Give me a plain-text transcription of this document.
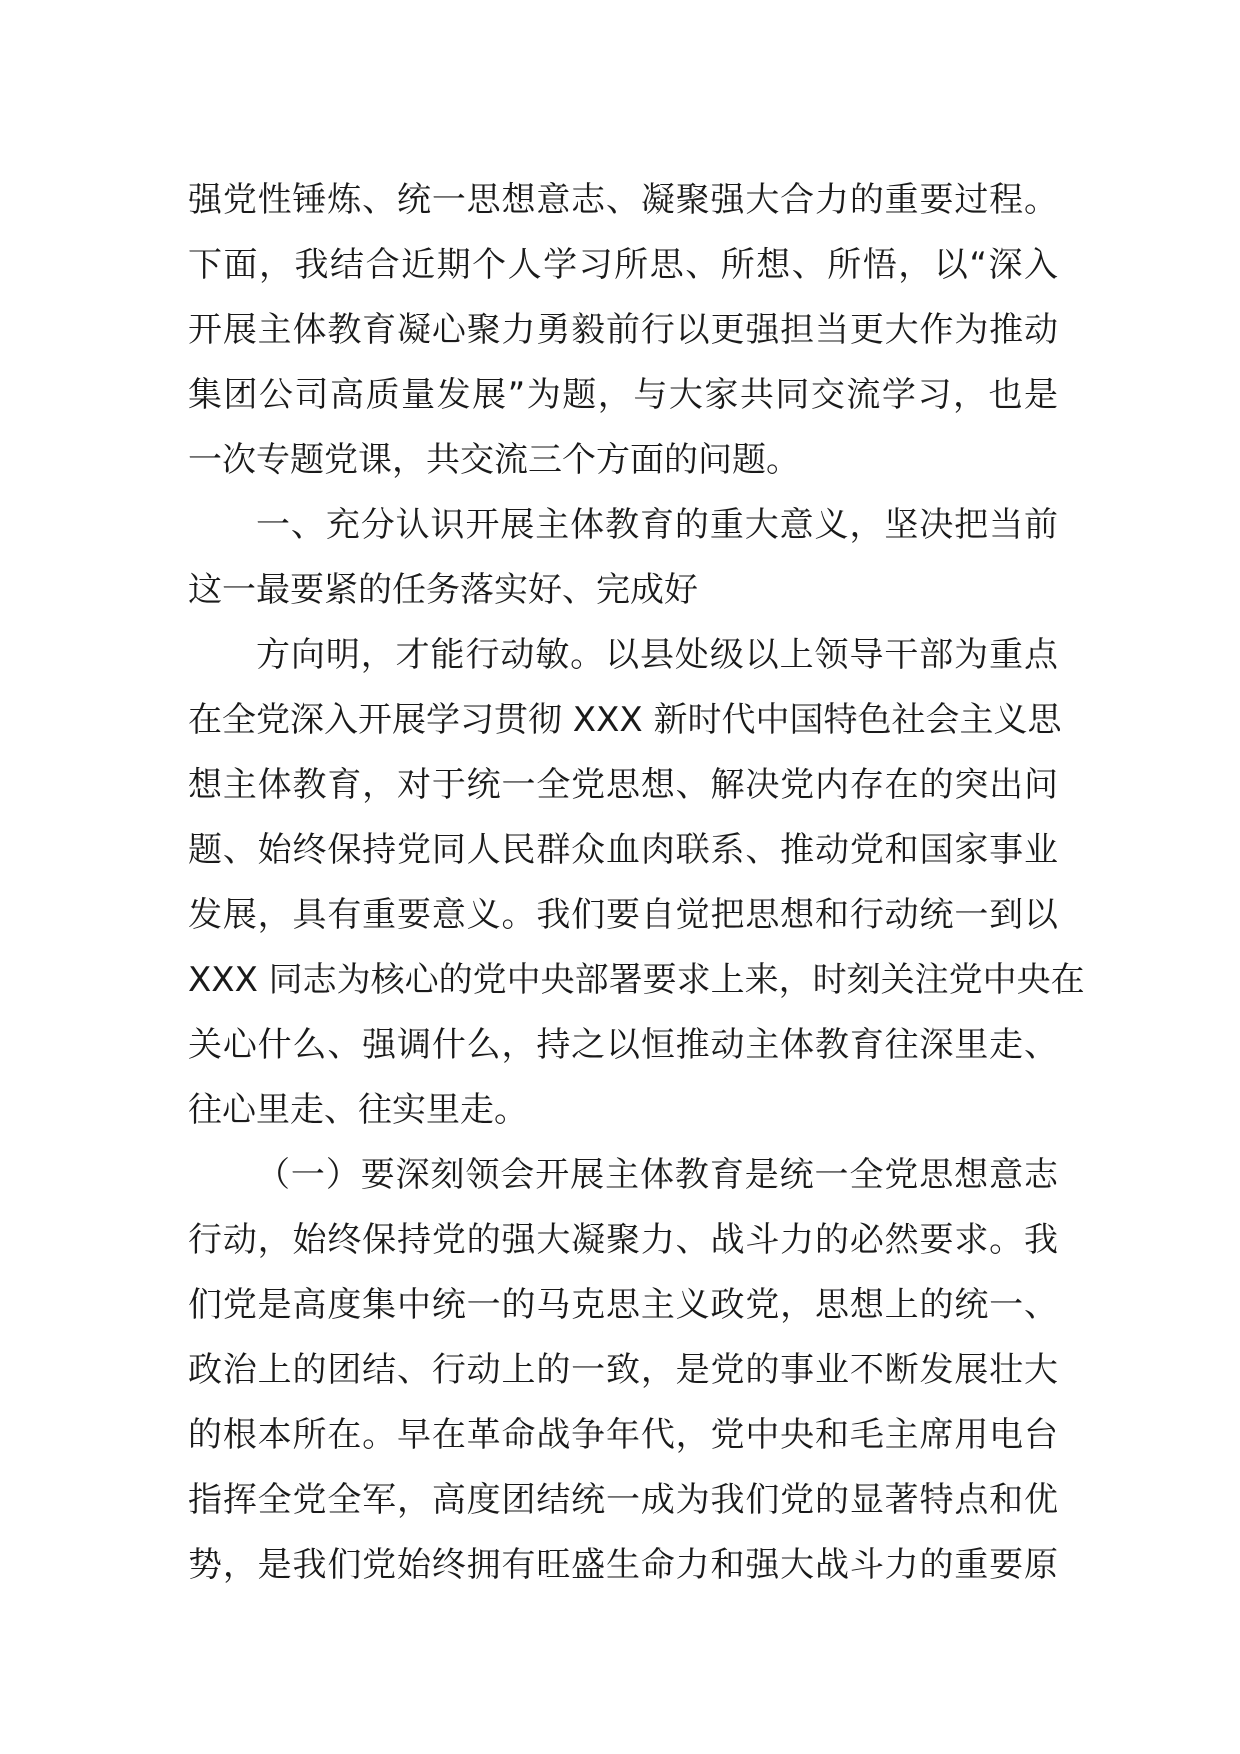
强党性锤炼、统一思想意志、凝聚强大合力的重要过程。
下面，我结合近期个人学习所思、所想、所悟，以“深入
开展主体教育凝心聚力勇毅前行以更强担当更大作为推动
集团公司高质量发展”为题，与大家共同交流学习，也是
一次专题党课，共交流三个方面的问题。
一、充分认识开展主体教育的重大意义，坚决把当前
这一最要紧的任务落实好、完成好
方向明，才能行动敏。以县处级以上领导干部为重点
在全党深入开展学习贯彻 XXX 新时代中国特色社会主义思
想主体教育，对于统一全党思想、解决党内存在的突出问
题、始终保持党同人民群众血肉联系、推动党和国家事业
发展，具有重要意义。我们要自觉把思想和行动统一到以
XXX 同志为核心的党中央部署要求上来，时刻关注党中央在
关心什么、强调什么，持之以恒推动主体教育往深里走、
往心里走、往实里走。
（一）要深刻领会开展主体教育是统一全党思想意志
行动，始终保持党的强大凝聚力、战斗力的必然要求。我
们党是高度集中统一的马克思主义政党，思想上的统一、
政治上的团结、行动上的一致，是党的事业不断发展壮大
的根本所在。早在革命战争年代，党中央和毛主席用电台
指挥全党全军，高度团结统一成为我们党的显著特点和优
势，是我们党始终拥有旺盛生命力和强大战斗力的重要原
